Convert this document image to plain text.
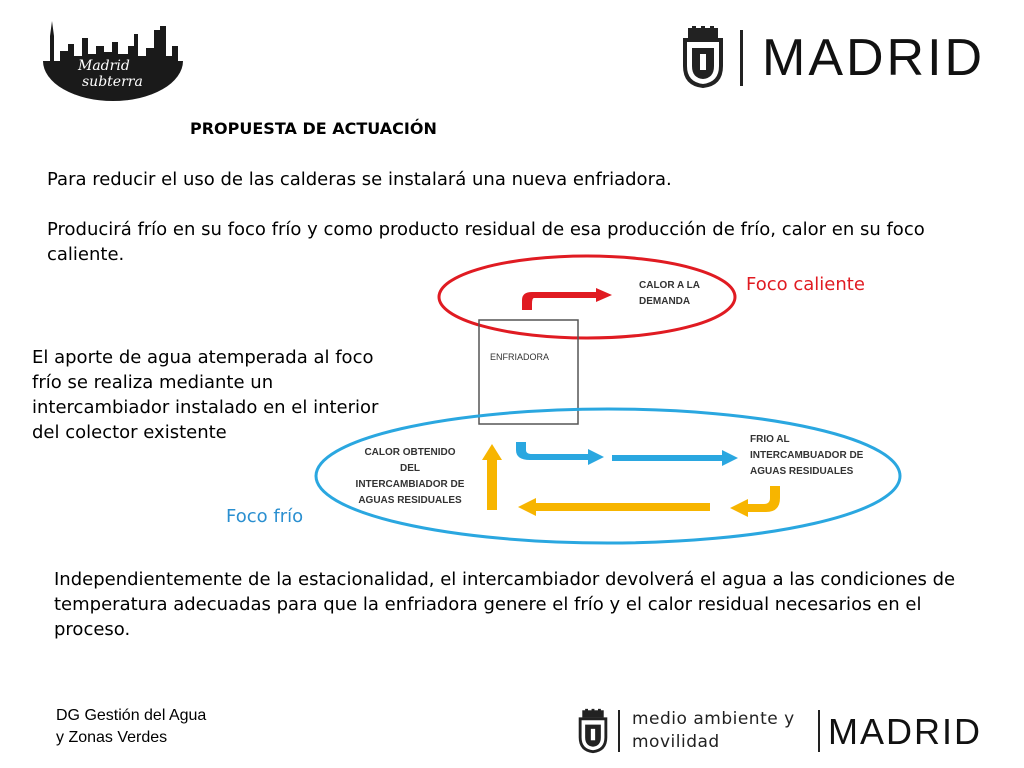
Madrid
subterra	MADRID
PROPUESTA DE ACTUACIÓN
Para reducir el uso de las calderas se instalará una nueva enfriadora.
Producirá frío en su foco frío y como producto residual de esa producción de frío, calor en su foco caliente.
El aporte de agua atemperada al foco frío se realiza mediante un intercambiador instalado en el interior del colector existente
CALOR A LA
DEMANDA
ENFRIADORA
CALOR OBTENIDO
DEL
INTERCAMBIADOR DE
AGUAS RESIDUALES
FRIO AL
INTERCAMBUADOR DE
AGUAS RESIDUALES
Foco caliente
Foco frío
Independientemente de la estacionalidad, el intercambiador devolverá el agua a las condiciones de temperatura adecuadas para que la enfriadora genere el frío y el calor residual necesarios en el proceso.
DG Gestión del Agua
y Zonas Verdes
medio ambiente y
movilidad	MADRID
